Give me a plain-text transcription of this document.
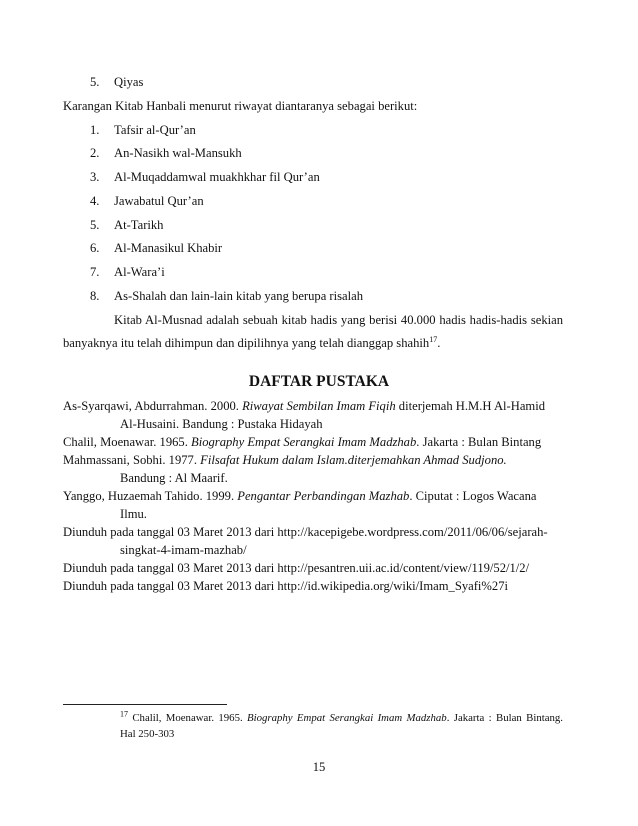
5. Qiyas
Karangan Kitab Hanbali menurut riwayat diantaranya sebagai berikut:
1. Tafsir al-Qur’an
2. An-Nasikh wal-Mansukh
3. Al-Muqaddamwal muakhkhar fil Qur’an
4. Jawabatul Qur’an
5. At-Tarikh
6. Al-Manasikul Khabir
7. Al-Wara’i
8. As-Shalah dan lain-lain kitab yang berupa risalah
Kitab Al-Musnad adalah sebuah kitab hadis yang berisi 40.000 hadis hadis-hadis sekian
banyaknya itu telah dihimpun dan dipilihnya yang telah dianggap shahih$^{17}$.
DAFTAR PUSTAKA
As-Syarqawi, Abdurrahman. 2000. Riwayat Sembilan Imam Fiqih diterjemah H.M.H Al-Hamid
Al-Husaini. Bandung : Pustaka Hidayah
Chalil, Moenawar. 1965. Biography Empat Serangkai Imam Madzhab. Jakarta : Bulan Bintang
Mahmassani, Sobhi. 1977. Filsafat Hukum dalam Islam.diterjemahkan Ahmad Sudjono.
Bandung : Al Maarif.
Yanggo, Huzaemah Tahido. 1999. Pengantar Perbandingan Mazhab. Ciputat : Logos Wacana
Ilmu.
Diunduh pada tanggal 03 Maret 2013 dari http://kacepigebe.wordpress.com/2011/06/06/sejarah-
singkat-4-imam-mazhab/
Diunduh pada tanggal 03 Maret 2013 dari http://pesantren.uii.ac.id/content/view/119/52/1/2/
Diunduh pada tanggal 03 Maret 2013 dari http://id.wikipedia.org/wiki/Imam_Syafi%27i
$^{17}$ Chalil, Moenawar. 1965. Biography Empat Serangkai Imam Madzhab. Jakarta : Bulan Bintang.
Hal 250-303
15
